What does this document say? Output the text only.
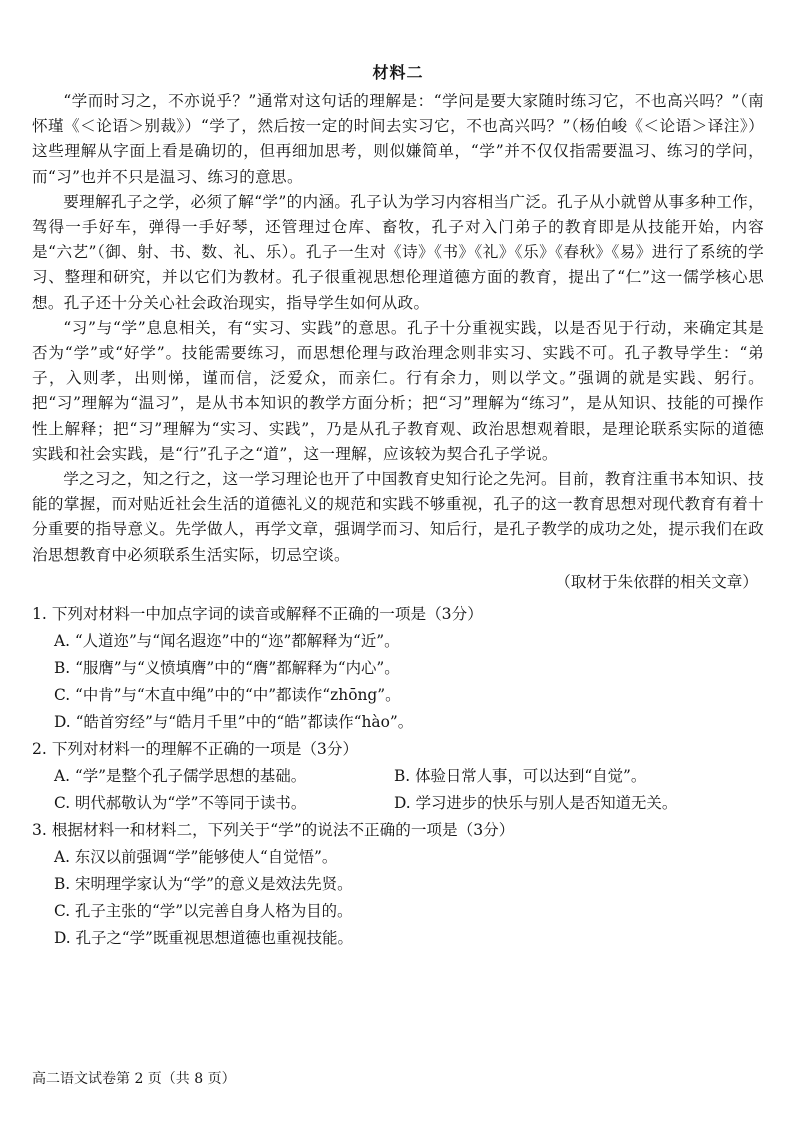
材料二

“学而时习之，不亦说乎？”通常对这句话的理解是：“学问是要大家随时练习它，不也高兴吗？”（南怀瑾《＜论语＞别裁》）“学了，然后按一定的时间去实习它，不也高兴吗？”（杨伯峻《＜论语＞译注》）这些理解从字面上看是确切的，但再细加思考，则似嫌简单，“学”并不仅仅指需要温习、练习的学问，而“习”也并不只是温习、练习的意思。

要理解孔子之学，必须了解“学”的内涵。孔子认为学习内容相当广泛。孔子从小就曾从事多种工作，驾得一手好车，弹得一手好琴，还管理过仓库、畜牧，孔子对入门弟子的教育即是从技能开始，内容是“六艺”（御、射、书、数、礼、乐）。孔子一生对《诗》《书》《礼》《乐》《春秋》《易》进行了系统的学习、整理和研究，并以它们为教材。孔子很重视思想伦理道德方面的教育，提出了“仁”这一儒学核心思想。孔子还十分关心社会政治现实，指导学生如何从政。

“习”与“学”息息相关，有“实习、实践”的意思。孔子十分重视实践，以是否见于行动，来确定其是否为“学”或“好学”。技能需要练习，而思想伦理与政治理念则非实习、实践不可。孔子教导学生：“弟子，入则孝，出则悌，谨而信，泛爱众，而亲仁。行有余力，则以学文。”强调的就是实践、躬行。把“习”理解为“温习”，是从书本知识的教学方面分析；把“习”理解为“练习”，是从知识、技能的可操作性上解释；把“习”理解为“实习、实践”，乃是从孔子教育观、政治思想观着眼，是理论联系实际的道德实践和社会实践，是“行”孔子之“道”，这一理解，应该较为契合孔子学说。

学之习之，知之行之，这一学习理论也开了中国教育史知行论之先河。目前，教育注重书本知识、技能的掌握，而对贴近社会生活的道德礼义的规范和实践不够重视，孔子的这一教育思想对现代教育有着十分重要的指导意义。先学做人，再学文章，强调学而习、知后行，是孔子教学的成功之处，提示我们在政治思想教育中必须联系生活实际，切忌空谈。

（取材于朱依群的相关文章）

1. 下列对材料一中加点字词的读音或解释不正确的一项是（3分）

A. “人道迩”与“闻名遐迩”中的“迩”都解释为“近”。

B. “服膺”与“义愤填膺”中的“膺”都解释为“内心”。

C. “中肯”与“木直中绳”中的“中”都读作“zhōng”。

D. “皓首穷经”与“皓月千里”中的“皓”都读作“hào”。

2. 下列对材料一的理解不正确的一项是（3分）

A. “学”是整个孔子儒学思想的基础。	B. 体验日常人事，可以达到“自觉”。

C. 明代郝敬认为“学”不等同于读书。	D. 学习进步的快乐与别人是否知道无关。

3. 根据材料一和材料二，下列关于“学”的说法不正确的一项是（3分）

A. 东汉以前强调“学”能够使人“自觉悟”。

B. 宋明理学家认为“学”的意义是效法先贤。

C. 孔子主张的“学”以完善自身人格为目的。

D. 孔子之“学”既重视思想道德也重视技能。

高二语文试卷第 2 页（共 8 页）
